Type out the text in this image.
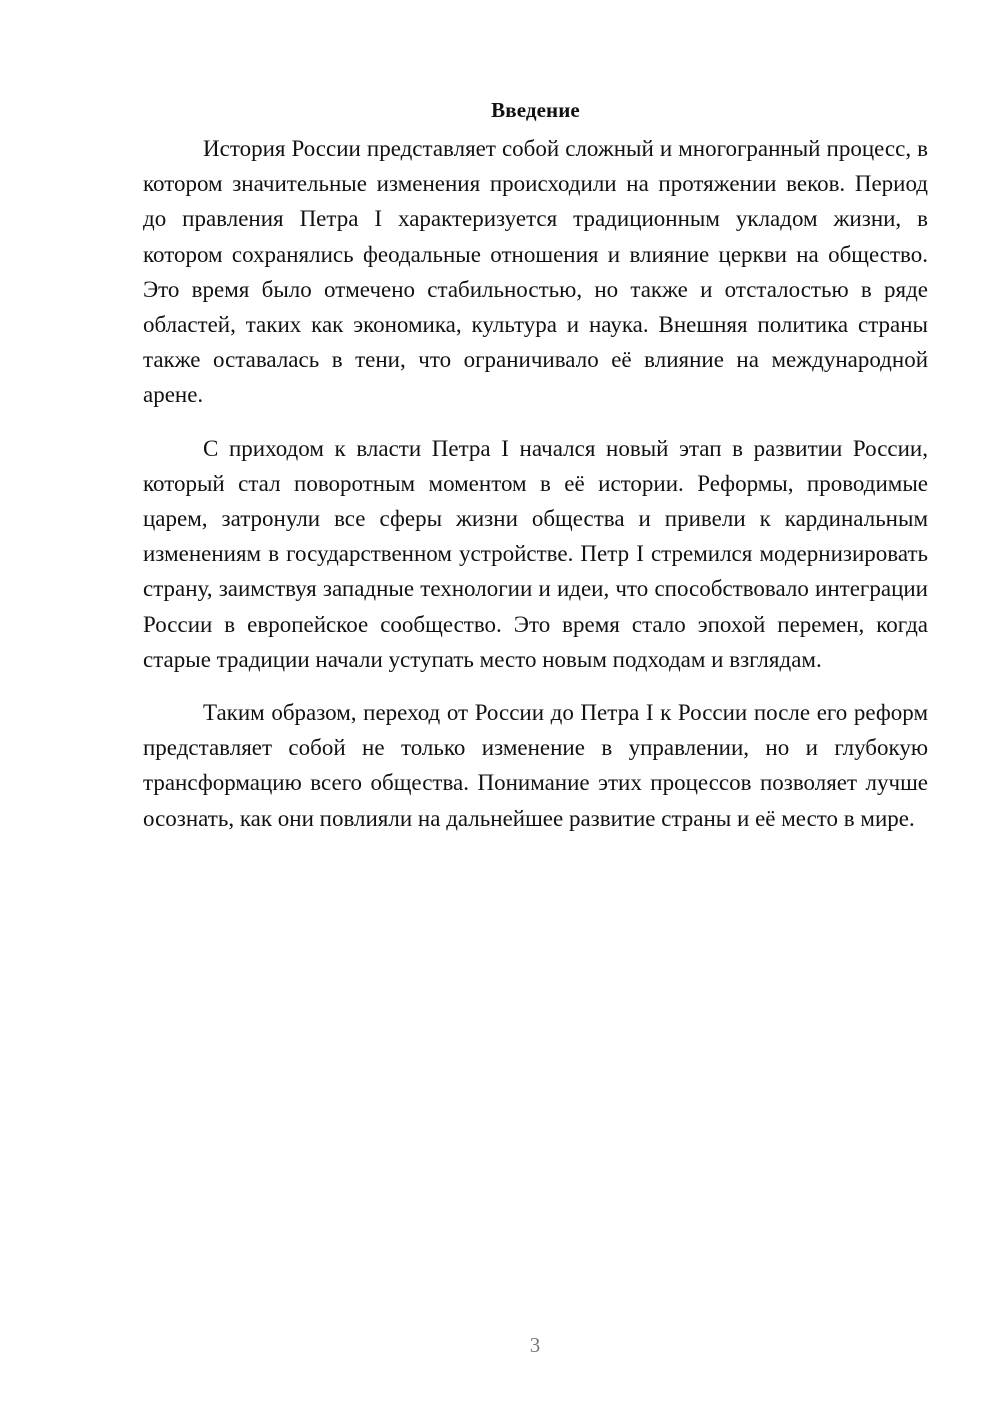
Введение

История России представляет собой сложный и многогранный процесс, в котором значительные изменения происходили на протяжении веков. Период до правления Петра I характеризуется традиционным укладом жизни, в котором сохранялись феодальные отношения и влияние церкви на общество. Это время было отмечено стабильностью, но также и отсталостью в ряде областей, таких как экономика, культура и наука. Внешняя политика страны также оставалась в тени, что ограничивало её влияние на международной арене.

С приходом к власти Петра I начался новый этап в развитии России, который стал поворотным моментом в её истории. Реформы, проводимые царем, затронули все сферы жизни общества и привели к кардинальным изменениям в государственном устройстве. Петр I стремился модернизировать страну, заимствуя западные технологии и идеи, что способствовало интеграции России в европейское сообщество. Это время стало эпохой перемен, когда старые традиции начали уступать место новым подходам и взглядам.

Таким образом, переход от России до Петра I к России после его реформ представляет собой не только изменение в управлении, но и глубокую трансформацию всего общества. Понимание этих процессов позволяет лучше осознать, как они повлияли на дальнейшее развитие страны и её место в мире.

3
